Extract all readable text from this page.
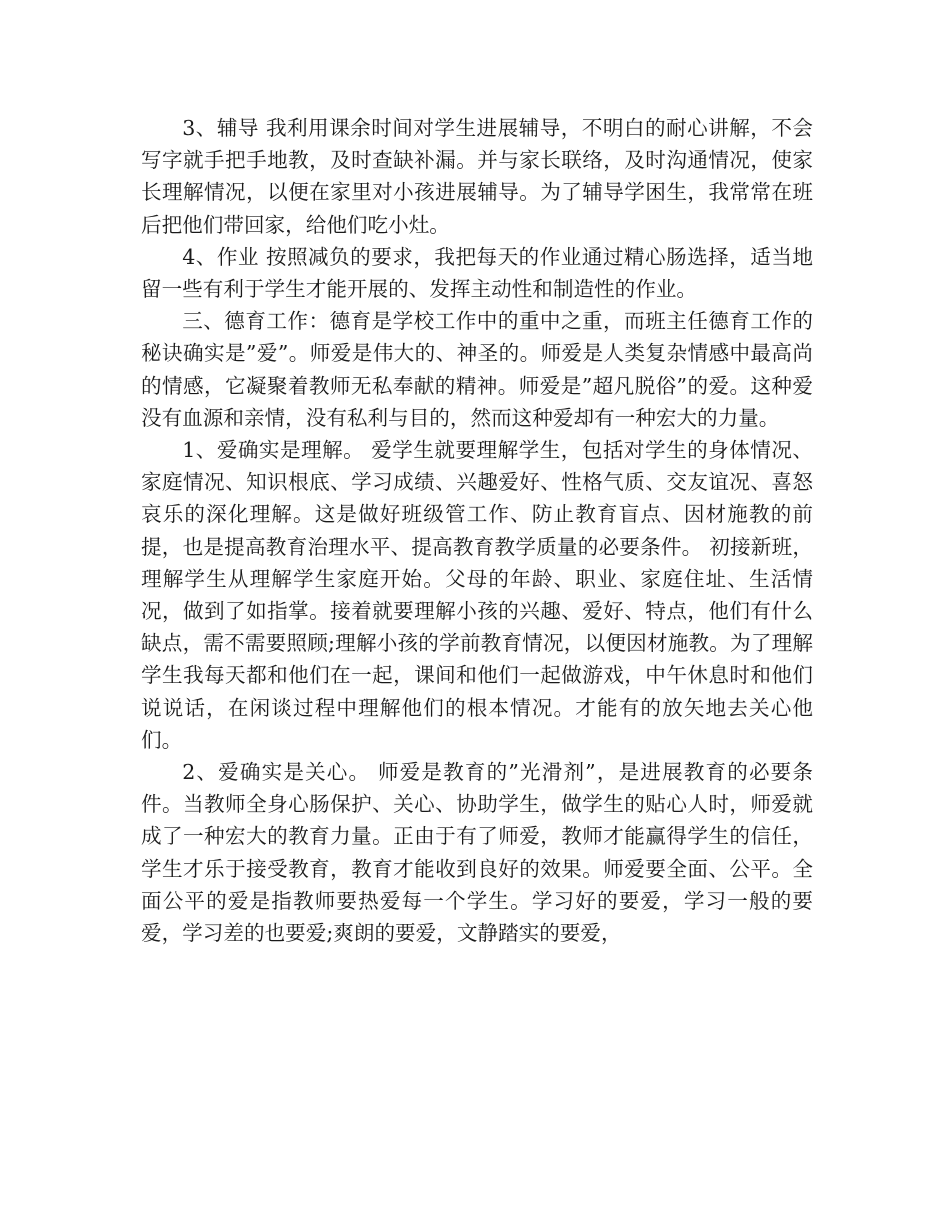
3、辅导 我利用课余时间对学生进展辅导，不明白的耐心讲解，不会写字就手把手地教，及时查缺补漏。并与家长联络，及时沟通情况，使家长理解情况，以便在家里对小孩进展辅导。为了辅导学困生，我常常在班后把他们带回家，给他们吃小灶。

4、作业 按照减负的要求，我把每天的作业通过精心肠选择，适当地留一些有利于学生才能开展的、发挥主动性和制造性的作业。

三、德育工作：德育是学校工作中的重中之重，而班主任德育工作的秘诀确实是”爱”。师爱是伟大的、神圣的。师爱是人类复杂情感中最高尚的情感，它凝聚着教师无私奉献的精神。师爱是”超凡脱俗”的爱。这种爱没有血源和亲情，没有私利与目的，然而这种爱却有一种宏大的力量。

1、爱确实是理解。 爱学生就要理解学生，包括对学生的身体情况、家庭情况、知识根底、学习成绩、兴趣爱好、性格气质、交友谊况、喜怒哀乐的深化理解。这是做好班级管工作、防止教育盲点、因材施教的前提，也是提高教育治理水平、提高教育教学质量的必要条件。 初接新班，理解学生从理解学生家庭开始。父母的年龄、职业、家庭住址、生活情况，做到了如指掌。接着就要理解小孩的兴趣、爱好、特点，他们有什么缺点，需不需要照顾;理解小孩的学前教育情况，以便因材施教。为了理解学生我每天都和他们在一起，课间和他们一起做游戏，中午休息时和他们说说话，在闲谈过程中理解他们的根本情况。才能有的放矢地去关心他们。

2、爱确实是关心。 师爱是教育的”光滑剂”，是进展教育的必要条件。当教师全身心肠保护、关心、协助学生，做学生的贴心人时，师爱就成了一种宏大的教育力量。正由于有了师爱，教师才能赢得学生的信任，学生才乐于接受教育，教育才能收到良好的效果。师爱要全面、公平。全面公平的爱是指教师要热爱每一个学生。学习好的要爱，学习一般的要爱，学习差的也要爱;爽朗的要爱，文静踏实的要爱，
